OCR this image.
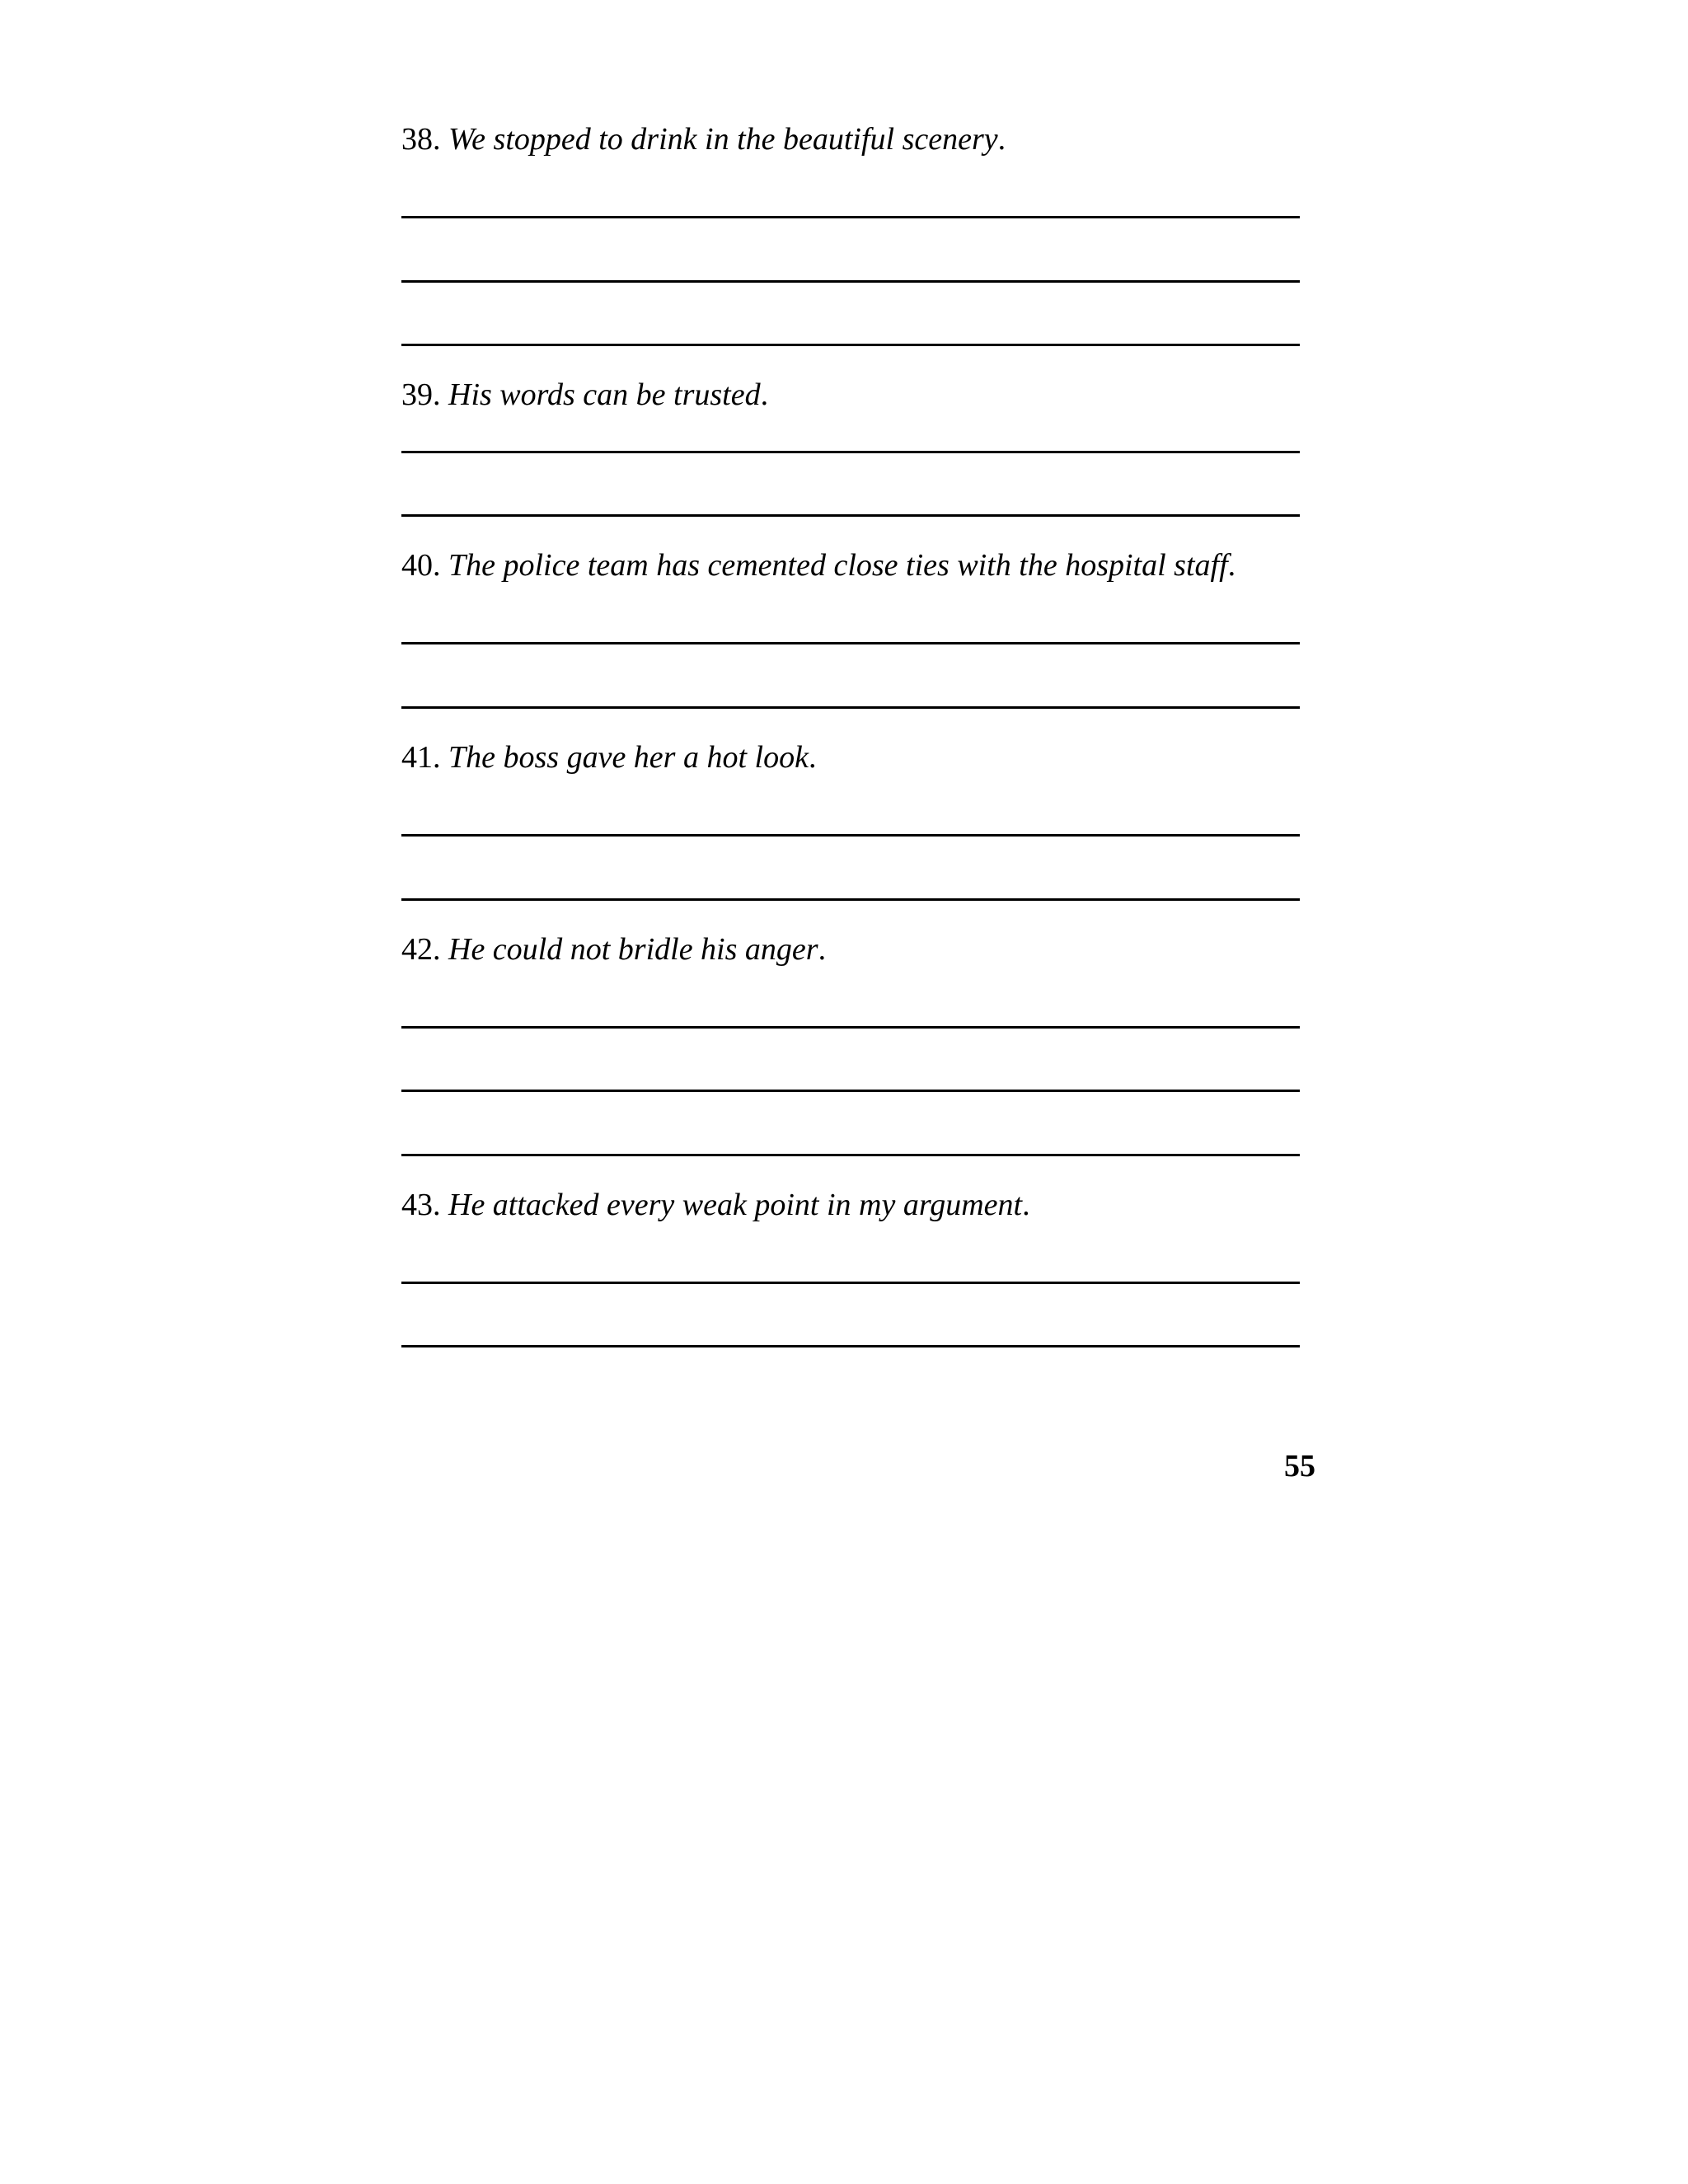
38. We stopped to drink in the beautiful scenery.
39. His words can be trusted.
40. The police team has cemented close ties with the hospital staff.
41. The boss gave her a hot look.
42. He could not bridle his anger.
43. He attacked every weak point in my argument.
55
